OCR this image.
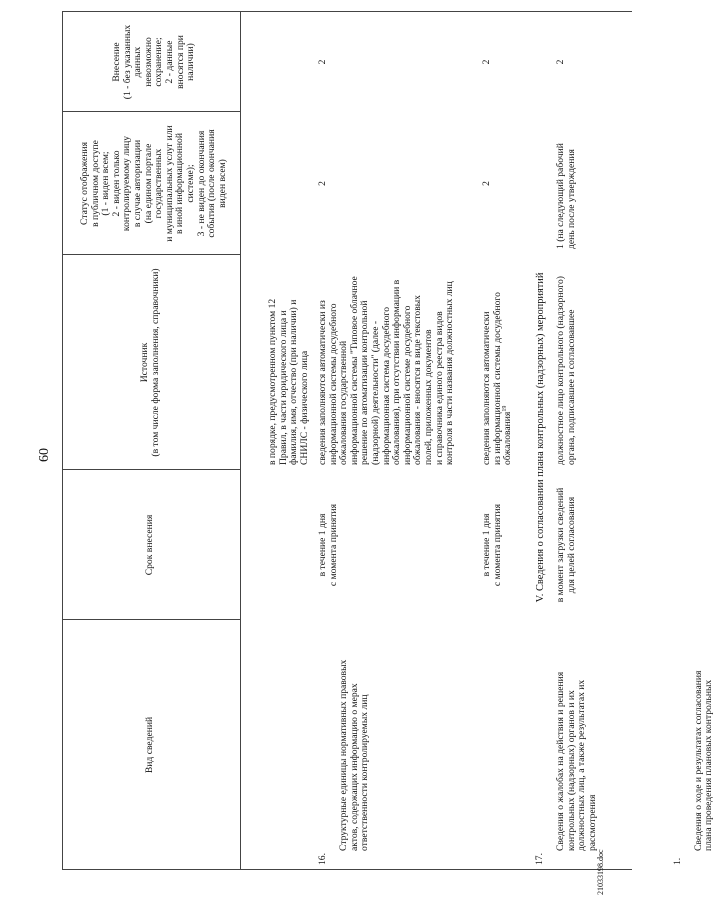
60
Вид сведений
Срок внесения
Источник
(в том числе форма заполнения, справочники)
Статус отображения
в публичном доступе
(1 - виден всем;
2 - виден только
контролируемому лицу
в случае авторизации
(на едином портале
государственных
и муниципальных услуг или
в иной информационной
системе);
3 - не виден до окончания
события (после окончания
виден всем)
Внесение
(1 - без указанных
данных
невозможно
сохранение;
2 - данные
вносятся при
наличии)
в порядке, предусмотренном пунктом 12
Правил, в части юридического лица и
фамилия, имя, отчество (при наличии) и
СНИЛС - физического лица

16.

Структурные единицы нормативных правовых
актов, содержащих информацию о мерах
ответственности контролируемых лиц

в течение 1 дня
с момента принятия
сведения заполняются автоматически из
информационной системы досудебного
обжалования государственной
информационной системы "Типовое облачное
решение по автоматизации контрольной
(надзорной) деятельности" (далее -
информационная система досудебного
обжалования), при отсутствии информации в
информационной системе досудебного
обжалования - вносятся в виде текстовых
полей, приложенных документов
и справочника единого реестра видов
контроля в части названия должностных лиц
2
2

17.

Сведения о жалобах на действия и решения
контрольных (надзорных) органов и их
должностных лиц, а также результатах их
рассмотрения

в течение 1 дня
с момента принятия
сведения заполняются автоматически
из информационной системы досудебного
обжалования$^{19}$
2
2
V. Сведения о согласовании плана контрольных (надзорных) мероприятий

1.

Сведения о ходе и результатах согласования
плана проведения плановых контрольных

в момент загрузки сведений
для целей согласования
должностное лицо контрольного (надзорного)
органа, подписавшее и согласовавшее
1 (на следующий рабочий
день после утверждения
2
21033198.doc
